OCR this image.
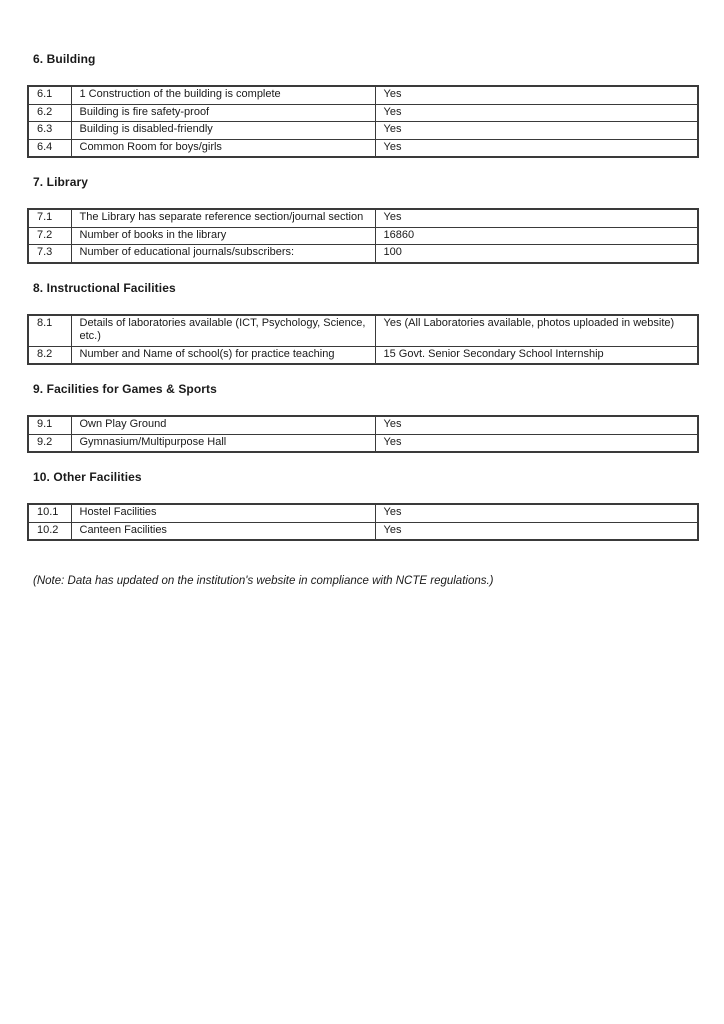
6. Building
6.1	1 Construction of the building is complete	Yes
6.2	Building is fire safety-proof	Yes
6.3	Building is disabled-friendly	Yes
6.4	Common Room for boys/girls	Yes
7. Library
7.1	The Library has separate reference section/journal section	Yes
7.2	Number of books in the library	16860
7.3	Number of educational journals/subscribers:	100
8. Instructional Facilities
8.1	Details of laboratories available (ICT, Psychology, Science, etc.)	Yes (All Laboratories available, photos uploaded in website)
8.2	Number and Name of school(s) for practice teaching	15 Govt. Senior Secondary School Internship
9. Facilities for Games & Sports
9.1	Own Play Ground	Yes
9.2	Gymnasium/Multipurpose Hall	Yes
10. Other Facilities
10.1	Hostel Facilities	Yes
10.2	Canteen Facilities	Yes
(Note: Data has updated on the institution's website in compliance with NCTE regulations.)
